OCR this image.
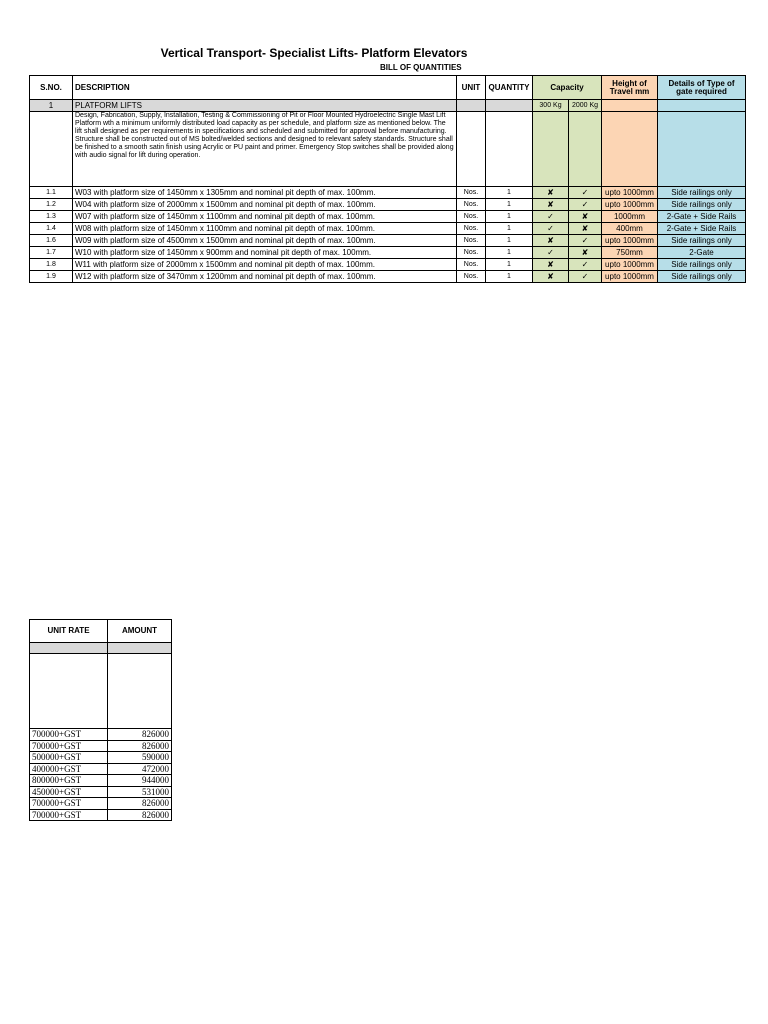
Vertical Transport- Specialist Lifts- Platform Elevators
BILL OF QUANTITIES
S.NO.	DESCRIPTION	UNIT	QUANTITY	Capacity		Height of Travel mm	Details of Type of gate required
1	PLATFORM LIFTS			300 Kg	2000 Kg		
	Design, Fabrication, Supply, Installation, Testing & Commissioning of Pit or Floor Mounted Hydroelectric Single Mast Lift Platform wth a minimum uniformly distributed load capacity as per schedule, and platform size as mentioned below. The lift shall designed as per requirements in specifications and scheduled and submitted for approval before manufacturing. Structure shall be constructed out of MS bolted/welded sections and designed to relevant safety standards. Structure shall be finished to a smooth satin finish using Acrylic or PU paint and primer. Emergency Stop switches shall be provided along with audio signal for lift during operation.						
1.1	W03 with platform size of 1450mm x 1305mm and nominal pit depth of max. 100mm.	Nos.	1	✘	✓	upto 1000mm	Side railings only
1.2	W04 with platform size of 2000mm x 1500mm and nominal pit depth of max. 100mm.	Nos.	1	✘	✓	upto 1000mm	Side railings only
1.3	W07 with platform size of 1450mm x 1100mm and nominal pit depth of max. 100mm.	Nos.	1	✓	✘	1000mm	2-Gate + Side Rails
1.4	W08 with platform size of 1450mm x 1100mm and nominal pit depth of max. 100mm.	Nos.	1	✓	✘	400mm	2-Gate + Side Rails
1.6	W09 with platform size of 4500mm x 1500mm and nominal pit depth of max. 100mm.	Nos.	1	✘	✓	upto 1000mm	Side railings only
1.7	W10 with platform size of 1450mm x 900mm and nominal pit depth of max. 100mm.	Nos.	1	✓	✘	750mm	2-Gate
1.8	W11 with platform size of 2000mm x 1500mm and nominal pit depth of max. 100mm.	Nos.	1	✘	✓	upto 1000mm	Side railings only
1.9	W12 with platform size of 3470mm x 1200mm and nominal pit depth of max. 100mm.	Nos.	1	✘	✓	upto 1000mm	Side railings only
UNIT RATE	AMOUNT

700000+GST	826000
700000+GST	826000
500000+GST	590000
400000+GST	472000
800000+GST	944000
450000+GST	531000
700000+GST	826000
700000+GST	826000
